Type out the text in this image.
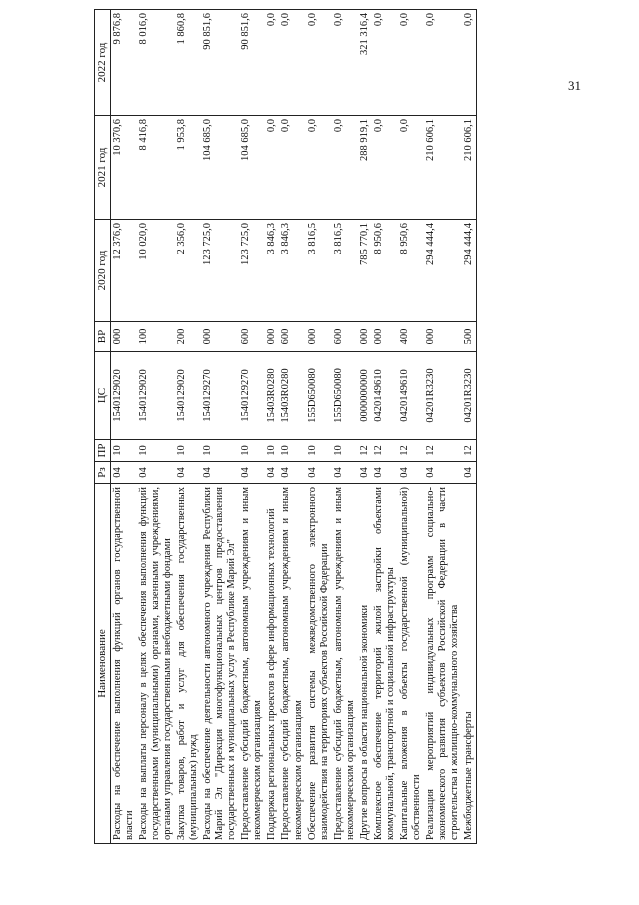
31
Наименование	Рз	ПР	ЦС	ВР	2020 год	2021 год	2022 год
Расходы на обеспечение выполнения функций органов государственной власти	04	10	1540129020	000	12 376,0	10 370,6	9 876,8
Расходы на выплаты персоналу в целях обеспечения выполнения функций государственными (муниципальными) органами, казенными учреждениями, органами управления государственными внебюджетными фондами	04	10	1540129020	100	10 020,0	8 416,8	8 016,0
Закупка товаров, работ и услуг для обеспечения государственных (муниципальных) нужд	04	10	1540129020	200	2 356,0	1 953,8	1 860,8
Расходы на обеспечение деятельности автономного учреждения Республики Марий Эл "Дирекция многофункциональных центров предоставления государственных и муниципальных услуг в Республике Марий Эл"	04	10	1540129270	000	123 725,0	104 685,0	90 851,6
Предоставление субсидий бюджетным, автономным учреждениям и иным некоммерческим организациям	04	10	1540129270	600	123 725,0	104 685,0	90 851,6
Поддержка региональных проектов в сфере информационных технологий	04	10	15403R0280	000	3 846,3	0,0	0,0
Предоставление субсидий бюджетным, автономным учреждениям и иным некоммерческим организациям	04	10	15403R0280	600	3 846,3	0,0	0,0
Обеспечение развития системы межведомственного электронного взаимодействия на территориях субъектов Российской Федерации	04	10	155D650080	000	3 816,5	0,0	0,0
Предоставление субсидий бюджетным, автономным учреждениям и иным некоммерческим организациям	04	10	155D650080	600	3 816,5	0,0	0,0
Другие вопросы в области национальной экономики	04	12	0000000000	000	785 770,1	288 919,1	321 316,4
Комплексное обеспечение территорий жилой застройки объектами коммунальной, транспортной и социальной инфраструктуры	04	12	0420149610	000	8 950,6	0,0	0,0
Капитальные вложения в объекты государственной (муниципальной) собственности	04	12	0420149610	400	8 950,6	0,0	0,0
Реализация мероприятий индивидуальных программ социально-экономического развития субъектов Российской Федерации в части строительства и жилищно-коммунального хозяйства	04	12	04201R3230	000	294 444,4	210 606,1	0,0
Межбюджетные трансферты	04	12	04201R3230	500	294 444,4	210 606,1	0,0
